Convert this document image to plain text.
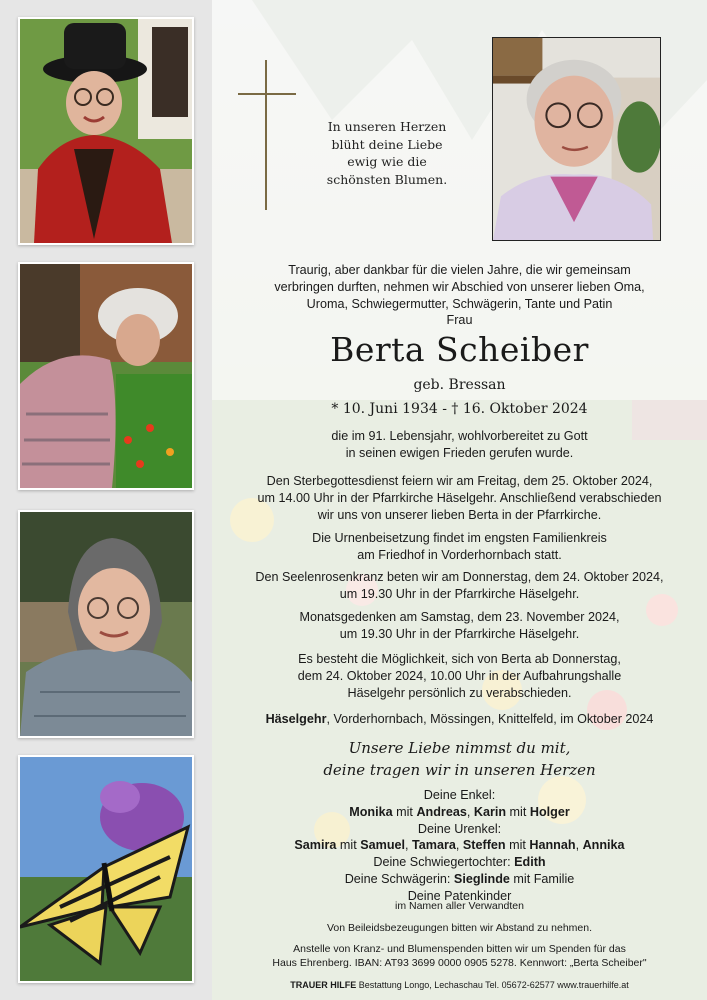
In unseren Herzen
blüht deine Liebe
ewig wie die
schönsten Blumen.
Traurig, aber dankbar für die vielen Jahre, die wir gemeinsam
verbringen durften, nehmen wir Abschied von unserer lieben Oma,
Uroma, Schwiegermutter, Schwägerin, Tante und Patin
Frau
Berta Scheiber
geb. Bressan
* 10. Juni 1934 - † 16. Oktober 2024
die im 91. Lebensjahr, wohlvorbereitet zu Gott
in seinen ewigen Frieden gerufen wurde.
Den Sterbegottesdienst feiern wir am Freitag, dem 25. Oktober 2024,
um 14.00 Uhr in der Pfarrkirche Häselgehr. Anschließend verabschieden
wir uns von unserer lieben Berta in der Pfarrkirche.
Die Urnenbeisetzung findet im engsten Familienkreis
am Friedhof in Vorderhornbach statt.
Den Seelenrosenkranz beten wir am Donnerstag, dem 24. Oktober 2024,
um 19.30 Uhr in der Pfarrkirche Häselgehr.
Monatsgedenken am Samstag, dem 23. November 2024,
um 19.30 Uhr in der Pfarrkirche Häselgehr.
Es besteht die Möglichkeit, sich von Berta ab Donnerstag,
dem 24. Oktober 2024, 10.00 Uhr in der Aufbahrungshalle
Häselgehr persönlich zu verabschieden.
Häselgehr, Vorderhornbach, Mössingen, Knittelfeld, im Oktober 2024
Unsere Liebe nimmst du mit,
deine tragen wir in unseren Herzen
Deine Enkel:
Monika mit Andreas, Karin mit Holger
Deine Urenkel:
Samira mit Samuel, Tamara, Steffen mit Hannah, Annika
Deine Schwiegertochter: Edith
Deine Schwägerin: Sieglinde mit Familie
Deine Patenkinder
im Namen aller Verwandten
Von Beileidsbezeugungen bitten wir Abstand zu nehmen.
Anstelle von Kranz- und Blumenspenden bitten wir um Spenden für das
Haus Ehrenberg. IBAN: AT93 3699 0000 0905 5278. Kennwort: „Berta Scheiber"
TRAUER HILFE Bestattung Longo, Lechaschau Tel. 05672-62577 www.trauerhilfe.at
